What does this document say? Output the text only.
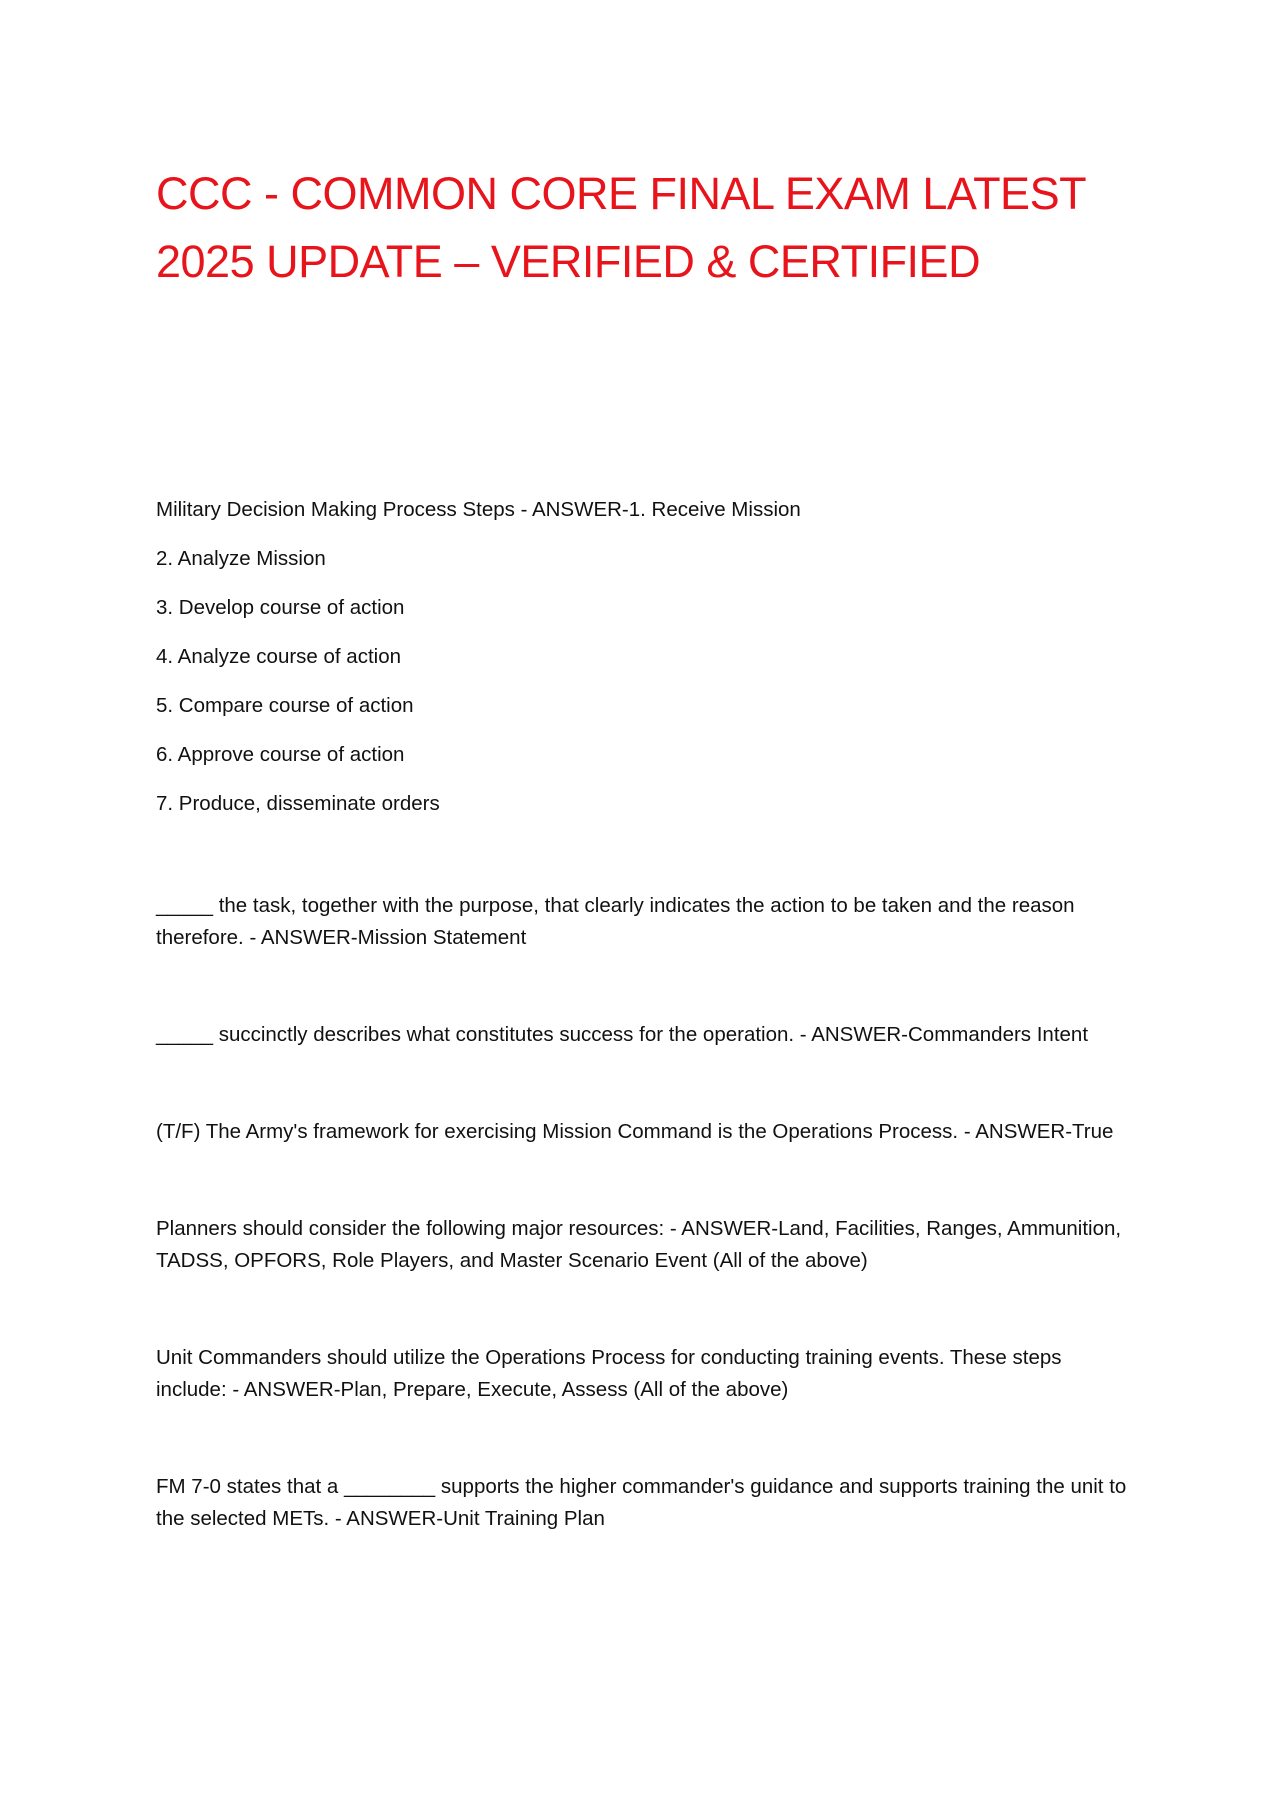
CCC - COMMON CORE FINAL EXAM LATEST
2025 UPDATE – VERIFIED & CERTIFIED
Military Decision Making Process Steps - ANSWER-1. Receive Mission
2. Analyze Mission
3. Develop course of action
4. Analyze course of action
5. Compare course of action
6. Approve course of action
7. Produce, disseminate orders

_____ the task, together with the purpose, that clearly indicates the action to be taken and the reason therefore. - ANSWER-Mission Statement

_____ succinctly describes what constitutes success for the operation. - ANSWER-Commanders Intent

(T/F) The Army's framework for exercising Mission Command is the Operations Process. - ANSWER-True

Planners should consider the following major resources: - ANSWER-Land, Facilities, Ranges, Ammunition, TADSS, OPFORS, Role Players, and Master Scenario Event (All of the above)

Unit Commanders should utilize the Operations Process for conducting training events. These steps include: - ANSWER-Plan, Prepare, Execute, Assess (All of the above)

FM 7-0 states that a ________ supports the higher commander's guidance and supports training the unit to the selected METs. - ANSWER-Unit Training Plan
